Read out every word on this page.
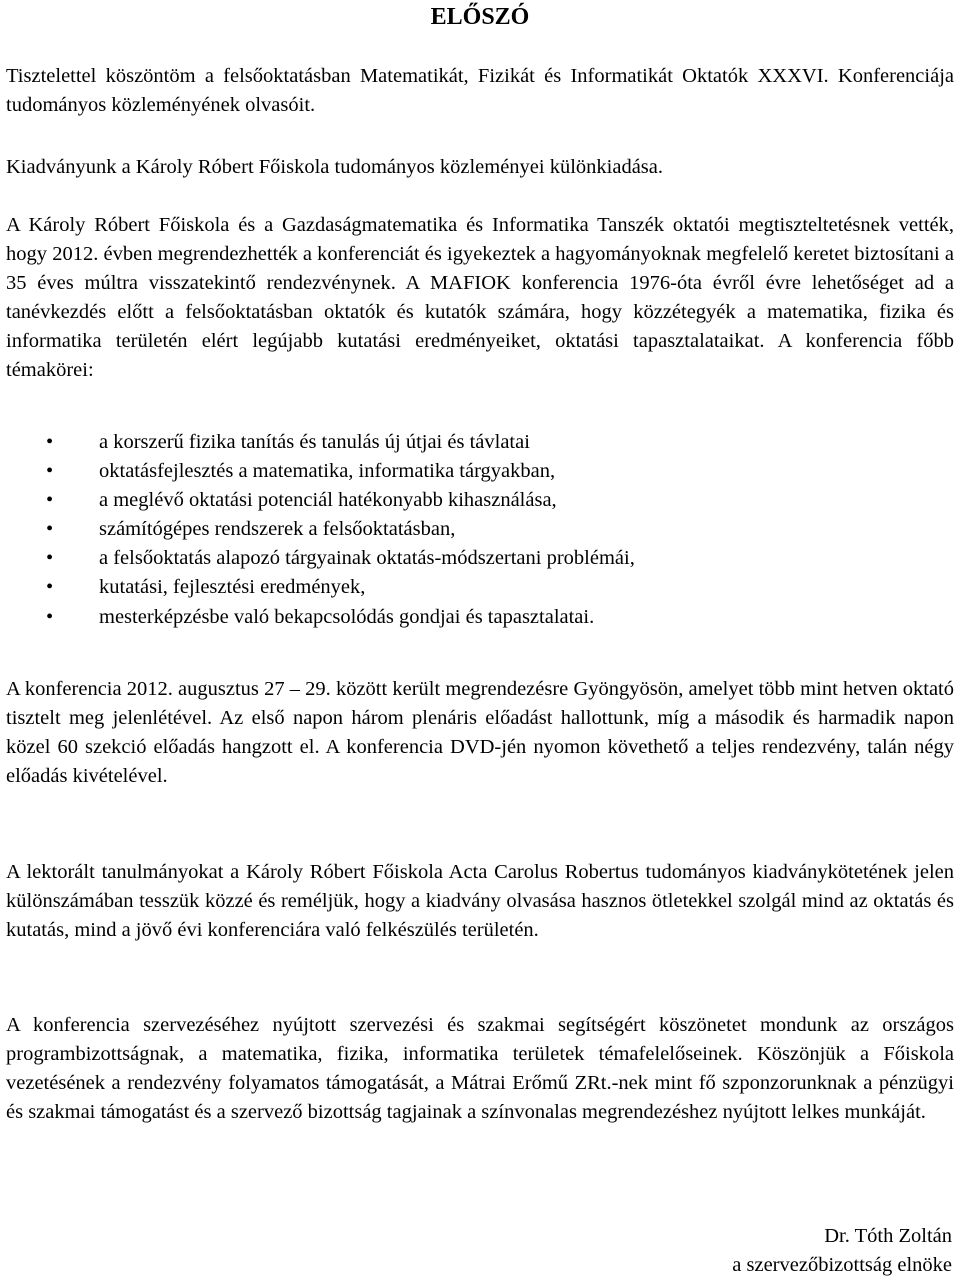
ELŐSZÓ
Tisztelettel köszöntöm a felsőoktatásban Matematikát, Fizikát és Informatikát Oktatók XXXVI. Konferenciája tudományos közleményének olvasóit.
Kiadványunk a Károly Róbert Főiskola tudományos közleményei különkiadása.
A Károly Róbert Főiskola és a Gazdaságmatematika és Informatika Tanszék oktatói megtiszteltetésnek vették, hogy 2012. évben megrendezhették a konferenciát és igyekeztek a hagyományoknak megfelelő keretet biztosítani a 35 éves múltra visszatekintő rendezvénynek. A MAFIOK konferencia 1976-óta évről évre lehetőséget ad a tanévkezdés előtt a felsőoktatásban oktatók és kutatók számára, hogy közzétegyék a matematika, fizika és informatika területén elért legújabb kutatási eredményeiket, oktatási tapasztalataikat. A konferencia főbb témakörei:
• a korszerű fizika tanítás és tanulás új útjai és távlatai
• oktatásfejlesztés a matematika, informatika tárgyakban,
• a meglévő oktatási potenciál hatékonyabb kihasználása,
• számítógépes rendszerek a felsőoktatásban,
• a felsőoktatás alapozó tárgyainak oktatás-módszertani problémái,
• kutatási, fejlesztési eredmények,
• mesterképzésbe való bekapcsolódás gondjai és tapasztalatai.
A konferencia 2012. augusztus 27 – 29. között került megrendezésre Gyöngyösön, amelyet több mint hetven oktató tisztelt meg jelenlétével. Az első napon három plenáris előadást hallottunk, míg a második és harmadik napon közel 60 szekció előadás hangzott el. A konferencia DVD-jén nyomon követhető a teljes rendezvény, talán négy előadás kivételével.
A lektorált tanulmányokat a Károly Róbert Főiskola Acta Carolus Robertus tudományos kiadványkötetének jelen különszámában tesszük közzé és reméljük, hogy a kiadvány olvasása hasznos ötletekkel szolgál mind az oktatás és kutatás, mind a jövő évi konferenciára való felkészülés területén.
A konferencia szervezéséhez nyújtott szervezési és szakmai segítségért köszönetet mondunk az országos programbizottságnak, a matematika, fizika, informatika területek témafelelőseinek. Köszönjük a Főiskola vezetésének a rendezvény folyamatos támogatását, a Mátrai Erőmű ZRt.-nek mint fő szponzorunknak a pénzügyi és szakmai támogatást és a szervező bizottság tagjainak a színvonalas megrendezéshez nyújtott lelkes munkáját.
Dr. Tóth Zoltán
a szervezőbizottság elnöke
